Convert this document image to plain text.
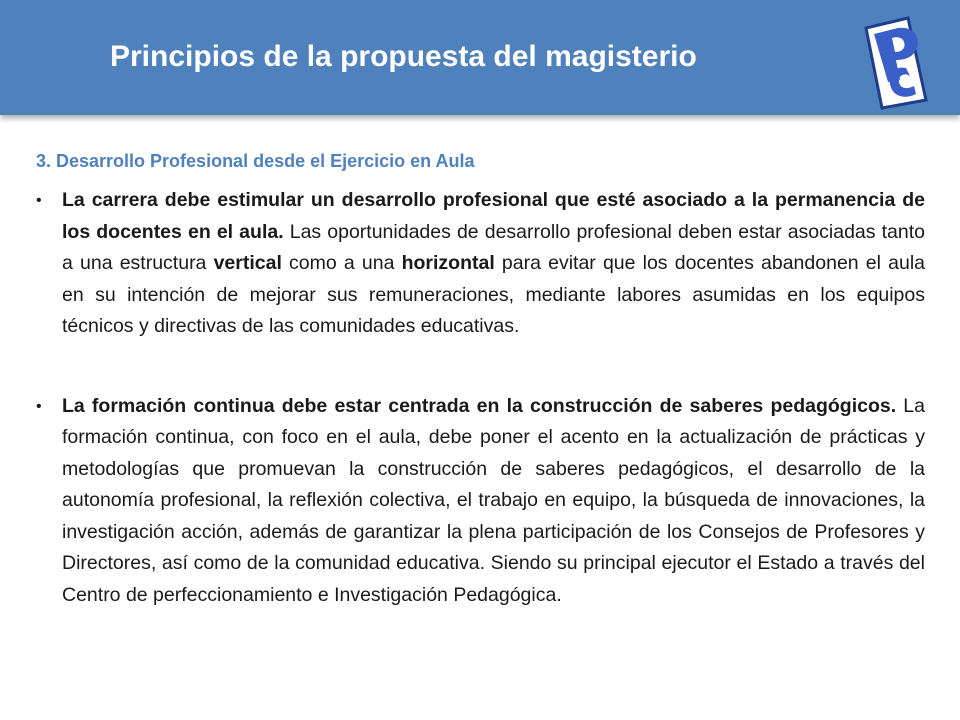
Principios de la propuesta del magisterio
3. Desarrollo Profesional desde el Ejercicio en Aula
• La carrera debe estimular un desarrollo profesional que esté asociado a la permanencia de los docentes en el aula. Las oportunidades de desarrollo profesional deben estar asociadas tanto a una estructura vertical como a una horizontal para evitar que los docentes abandonen el aula en su intención de mejorar sus remuneraciones, mediante labores asumidas en los equipos técnicos y directivas de las comunidades educativas.
• La formación continua debe estar centrada en la construcción de saberes pedagógicos. La formación continua, con foco en el aula, debe poner el acento en la actualización de prácticas y metodologías que promuevan la construcción de saberes pedagógicos, el desarrollo de la autonomía profesional, la reflexión colectiva, el trabajo en equipo, la búsqueda de innovaciones, la investigación acción, además de garantizar la plena participación de los Consejos de Profesores y Directores, así como de la comunidad educativa. Siendo su principal ejecutor el Estado a través del Centro de perfeccionamiento e Investigación Pedagógica.
